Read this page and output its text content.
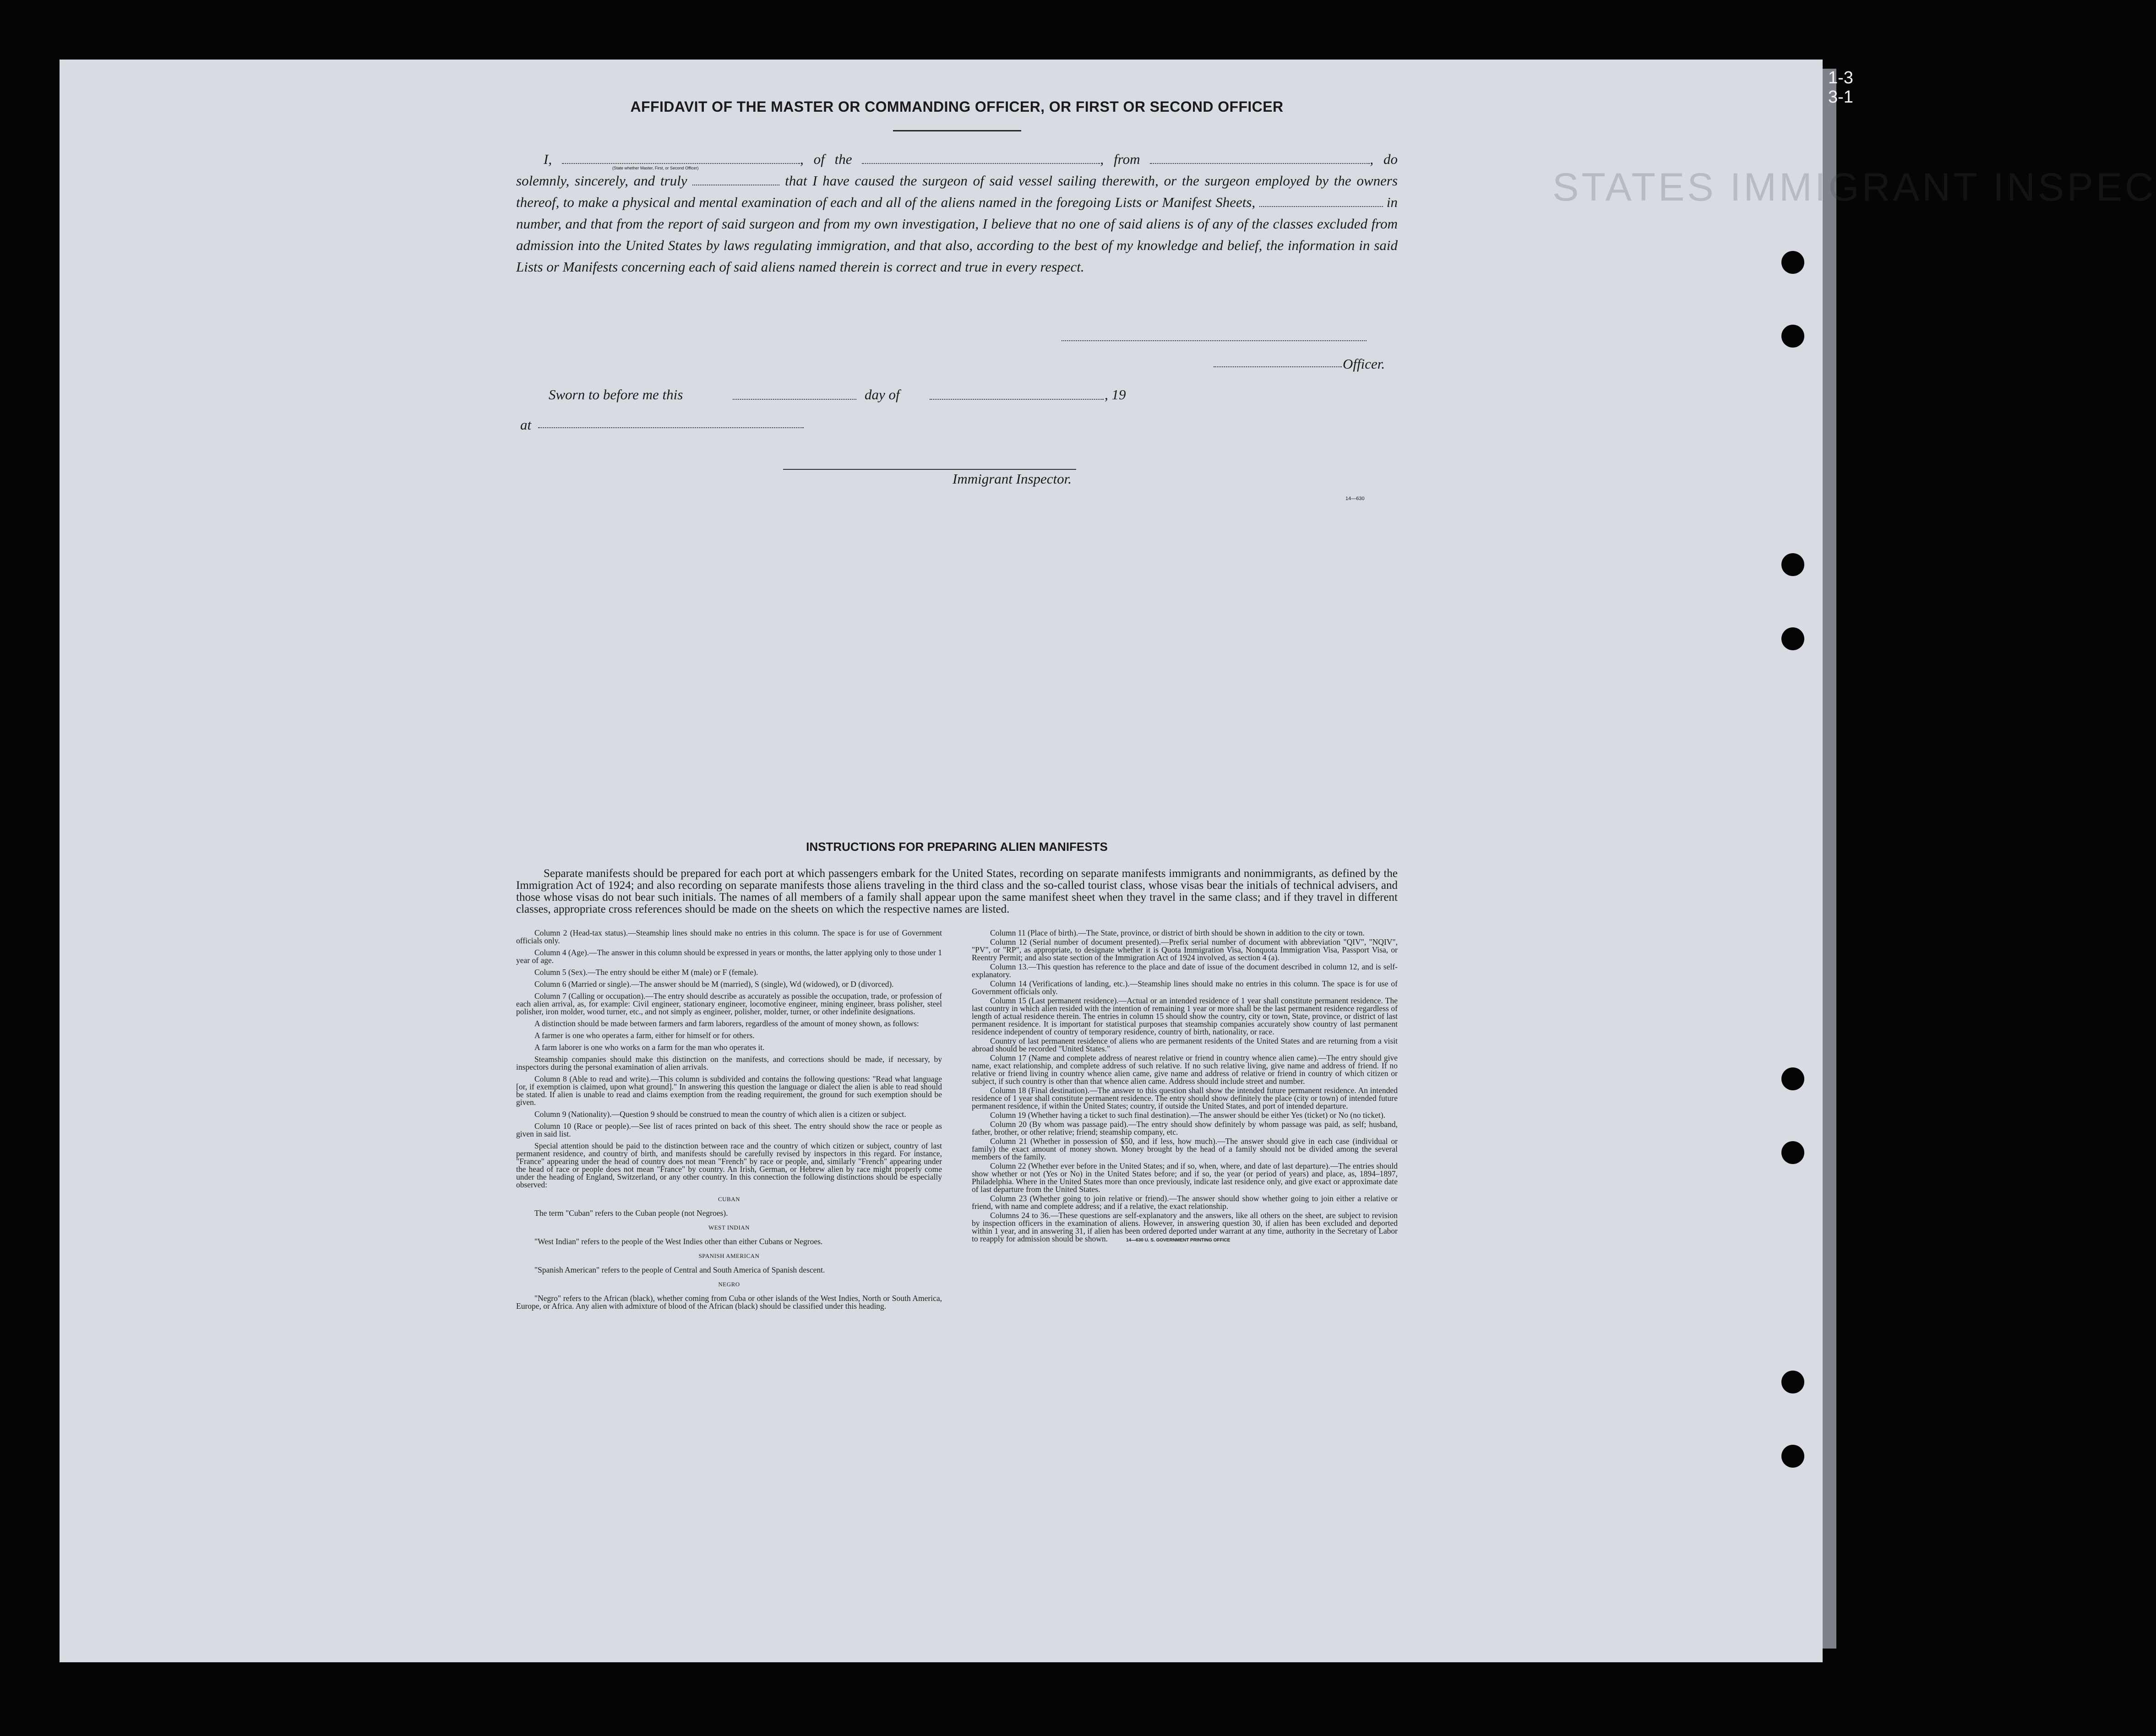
STATES IMMIGRANT INSPEC
1-3
3-1

AFFIDAVIT OF THE MASTER OR COMMANDING OFFICER, OR FIRST OR SECOND OFFICER

I,
(State whether Master, First, or Second Officer)
, of the	, from	, do solemnly, sincerely, and truly	that I have caused the surgeon of said vessel sailing therewith, or the surgeon employed by the owners thereof, to make a physical and mental examination of each and all of the aliens named in the foregoing Lists or Manifest Sheets,	in number, and that from the report of said surgeon and from my own investigation, I believe that no one of said aliens is of any of the classes excluded from admission into the United States by laws regulating immigration, and that also, according to the best of my knowledge and belief, the information in said Lists or Manifests concerning each of said aliens named therein is correct and true in every respect.

Officer.
Sworn to before me this	day of	, 19
at
Immigrant Inspector.
14—630

INSTRUCTIONS FOR PREPARING ALIEN MANIFESTS

Separate manifests should be prepared for each port at which passengers embark for the United States, recording on separate manifests immigrants and nonimmigrants, as defined by the Immigration Act of 1924; and also recording on separate manifests those aliens traveling in the third class and the so-called tourist class, whose visas bear the initials of technical advisers, and those whose visas do not bear such initials. The names of all members of a family shall appear upon the same manifest sheet when they travel in the same class; and if they travel in different classes, appropriate cross references should be made on the sheets on which the respective names are listed.

Column 2 (Head-tax status).—Steamship lines should make no entries in this column. The space is for use of Government officials only.

Column 4 (Age).—The answer in this column should be expressed in years or months, the latter applying only to those under 1 year of age.

Column 5 (Sex).—The entry should be either M (male) or F (female).

Column 6 (Married or single).—The answer should be M (married), S (single), Wd (widowed), or D (divorced).

Column 7 (Calling or occupation).—The entry should describe as accurately as possible the occupation, trade, or profession of each alien arrival, as, for example: Civil engineer, stationary engineer, locomotive engineer, mining engineer, brass polisher, steel polisher, iron molder, wood turner, etc., and not simply as engineer, polisher, molder, turner, or other indefinite designations.

A distinction should be made between farmers and farm laborers, regardless of the amount of money shown, as follows:

A farmer is one who operates a farm, either for himself or for others.

A farm laborer is one who works on a farm for the man who operates it.

Steamship companies should make this distinction on the manifests, and corrections should be made, if necessary, by inspectors during the personal examination of alien arrivals.

Column 8 (Able to read and write).—This column is subdivided and contains the following questions: "Read what language [or, if exemption is claimed, upon what ground]." In answering this question the language or dialect the alien is able to read should be stated. If alien is unable to read and claims exemption from the reading requirement, the ground for such exemption should be given.

Column 9 (Nationality).—Question 9 should be construed to mean the country of which alien is a citizen or subject.

Column 10 (Race or people).—See list of races printed on back of this sheet. The entry should show the race or people as given in said list.

Special attention should be paid to the distinction between race and the country of which citizen or subject, country of last permanent residence, and country of birth, and manifests should be carefully revised by inspectors in this regard. For instance, "France" appearing under the head of country does not mean "French" by race or people, and, similarly "French" appearing under the head of race or people does not mean "France" by country. An Irish, German, or Hebrew alien by race might properly come under the heading of England, Switzerland, or any other country. In this connection the following distinctions should be especially observed:

CUBAN

The term "Cuban" refers to the Cuban people (not Negroes).

WEST INDIAN

"West Indian" refers to the people of the West Indies other than either Cubans or Negroes.

SPANISH AMERICAN

"Spanish American" refers to the people of Central and South America of Spanish descent.

NEGRO

"Negro" refers to the African (black), whether coming from Cuba or other islands of the West Indies, North or South America, Europe, or Africa. Any alien with admixture of blood of the African (black) should be classified under this heading.

Column 11 (Place of birth).—The State, province, or district of birth should be shown in addition to the city or town.

Column 12 (Serial number of document presented).—Prefix serial number of document with abbreviation "QIV", "NQIV", "PV", or "RP", as appropriate, to designate whether it is Quota Immigration Visa, Nonquota Immigration Visa, Passport Visa, or Reentry Permit; and also state section of the Immigration Act of 1924 involved, as section 4 (a).

Column 13.—This question has reference to the place and date of issue of the document described in column 12, and is self-explanatory.

Column 14 (Verifications of landing, etc.).—Steamship lines should make no entries in this column. The space is for use of Government officials only.

Column 15 (Last permanent residence).—Actual or an intended residence of 1 year shall constitute permanent residence. The last country in which alien resided with the intention of remaining 1 year or more shall be the last permanent residence regardless of length of actual residence therein. The entries in column 15 should show the country, city or town, State, province, or district of last permanent residence. It is important for statistical purposes that steamship companies accurately show country of last permanent residence independent of country of temporary residence, country of birth, nationality, or race.

Country of last permanent residence of aliens who are permanent residents of the United States and are returning from a visit abroad should be recorded "United States."

Column 17 (Name and complete address of nearest relative or friend in country whence alien came).—The entry should give name, exact relationship, and complete address of such relative. If no such relative living, give name and address of friend. If no relative or friend living in country whence alien came, give name and address of relative or friend in country of which citizen or subject, if such country is other than that whence alien came. Address should include street and number.

Column 18 (Final destination).—The answer to this question shall show the intended future permanent residence. An intended residence of 1 year shall constitute permanent residence. The entry should show definitely the place (city or town) of intended future permanent residence, if within the United States; country, if outside the United States, and port of intended departure.

Column 19 (Whether having a ticket to such final destination).—The answer should be either Yes (ticket) or No (no ticket).

Column 20 (By whom was passage paid).—The entry should show definitely by whom passage was paid, as self; husband, father, brother, or other relative; friend; steamship company, etc.

Column 21 (Whether in possession of $50, and if less, how much).—The answer should give in each case (individual or family) the exact amount of money shown. Money brought by the head of a family should not be divided among the several members of the family.

Column 22 (Whether ever before in the United States; and if so, when, where, and date of last departure).—The entries should show whether or not (Yes or No) in the United States before; and if so, the year (or period of years) and place, as, 1894–1897, Philadelphia. Where in the United States more than once previously, indicate last residence only, and give exact or approximate date of last departure from the United States.

Column 23 (Whether going to join relative or friend).—The answer should show whether going to join either a relative or friend, with name and complete address; and if a relative, the exact relationship.

Columns 24 to 36.—These questions are self-explanatory and the answers, like all others on the sheet, are subject to revision by inspection officers in the examination of aliens. However, in answering question 30, if alien has been excluded and deported within 1 year, and in answering 31, if alien has been ordered deported under warrant at any time, authority in the Secretary of Labor to reapply for admission should be shown.	14—630 U. S. GOVERNMENT PRINTING OFFICE
